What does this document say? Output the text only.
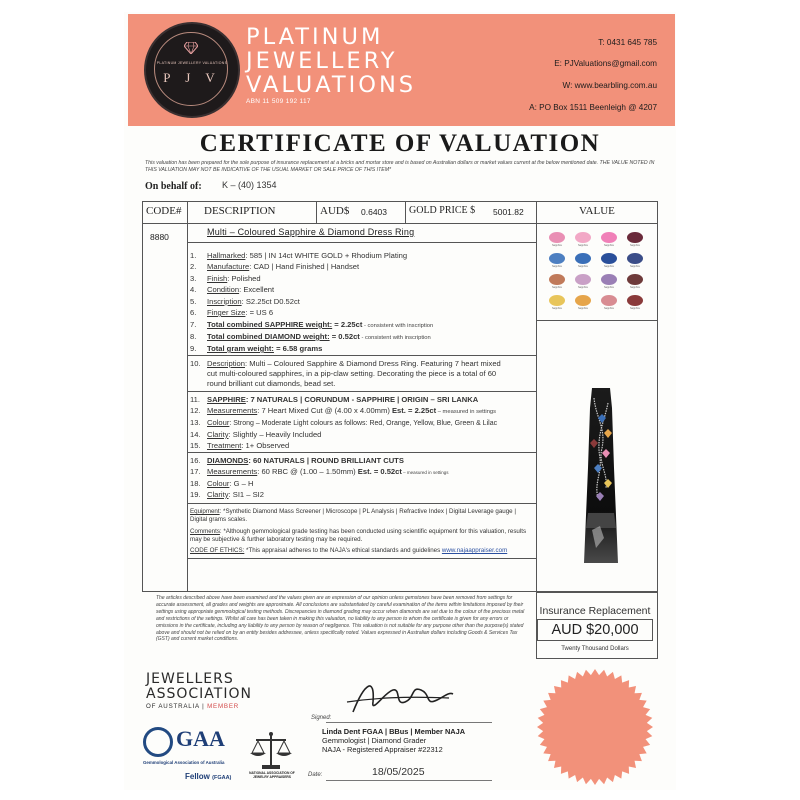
PLATINUM JEWELLERY VALUATIONS
P J V
PLATINUM
JEWELLERY
VALUATIONS
ABN 11 509 192 117
T: 0431 645 785
E: PJValuations@gmail.com
W: www.bearbling.com.au
A: PO Box 1511 Beenleigh @ 4207
CERTIFICATE OF VALUATION
This valuation has been prepared for the sole purpose of insurance replacement at a bricks and mortar store and is based on Australian dollars or market values current at the below mentioned date. THE VALUE NOTED IN THIS VALUATION MAY NOT BE INDICATIVE OF THE USUAL MARKET OR SALE PRICE OF THIS ITEM*
On behalf of: K – (40) 1354
CODE# DESCRIPTION	AUD$ 0.6403 GOLD PRICE $ 5001.82	VALUE
8880	Multi – Coloured Sapphire & Diamond Dress Ring
1. Hallmarked: 585 | IN 14ct WHITE GOLD + Rhodium Plating
2. Manufacture: CAD | Hand Finished | Handset
3. Finish: Polished
4. Condition: Excellent
5. Inscription: S2.25ct D0.52ct
6. Finger Size: = US 6
7. Total combined SAPPHIRE weight: = 2.25ct - consistent with inscription
8. Total combined DIAMOND weight: = 0.52ct - consistent with inscription
9. Total gram weight: = 6.58 grams
10. Description: Multi – Coloured Sapphire & Diamond Dress Ring. Featuring 7 heart mixed
cut multi-coloured sapphires, in a pip-claw setting. Decorating the piece is a total of 60
round brilliant cut diamonds, bead set.
11. SAPPHIRE: 7 NATURALS | CORUNDUM - SAPPHIRE | ORIGIN – SRI LANKA
12. Measurements: 7 Heart Mixed Cut @ (4.00 x 4.00mm) Est. = 2.25ct – measured in settings
13. Colour: Strong – Moderate Light colours as follows: Red, Orange, Yellow, Blue, Green & Lilac
14. Clarity: Slightly – Heavily Included
15. Treatment: 1+ Observed
16. DIAMONDS: 60 NATURALS | ROUND BRILLIANT CUTS
17. Measurements: 60 RBC @ (1.00 – 1.50mm) Est. = 0.52ct – measured in settings
18. Colour: G – H
19. Clarity: SI1 – SI2
Equipment: *Synthetic Diamond Mass Screener | Microscope | PL Analysis | Refractive Index | Digital Leverage gauge | Digital grams scales.
Comments: *Although gemmological grade testing has been conducted using scientific equipment for this valuation, results may be subjective & further laboratory testing may be required.
CODE OF ETHICS: *This appraisal adheres to the NAJA's ethical standards and guidelines www.najaappraiser.com
Sapphire	Sapphire	Sapphire	Sapphire
Sapphire	Sapphire	Sapphire	Sapphire
Sapphire	Sapphire	Sapphire	Sapphire
Sapphire	Sapphire	Sapphire	Sapphire
The articles described above have been examined and the values given are an expression of our opinion unless gemstones have been removed from settings for accurate assessment, all grades and weights are approximate. All conclusions are substantiated by careful examination of the items within limitations imposed by their settings using appropriate gemmological testing methods. Discrepancies in diamond grading may occur when diamonds are set due to the colour of the precious metal and restrictions of the settings. Whilst all care has been taken in making this valuation, no liability to any person to whom the certificate is given for any errors or omissions in the certificate, including any liability to any person by reason of negligence. This valuation is not suitable for any purpose other than the purpose(s) stated above and should not be relied on by an entity besides addressee, unless specifically noted. Values expressed in Australian dollars including Goods & Services Tax (GST) and current market conditions.
Insurance Replacement
AUD $20,000
Twenty Thousand Dollars
JEWELLERS
ASSOCIATION
OF AUSTRALIA | MEMBER
GAA
Gemmological Association of Australia
Fellow (FGAA)
NATIONAL ASSOCIATION OF JEWELRY APPRAISERS
Signed:
Linda Dent FGAA | BBus | Member NAJA
Gemmologist | Diamond Grader
NAJA - Registered Appraiser #22312
Date:	18/05/2025
